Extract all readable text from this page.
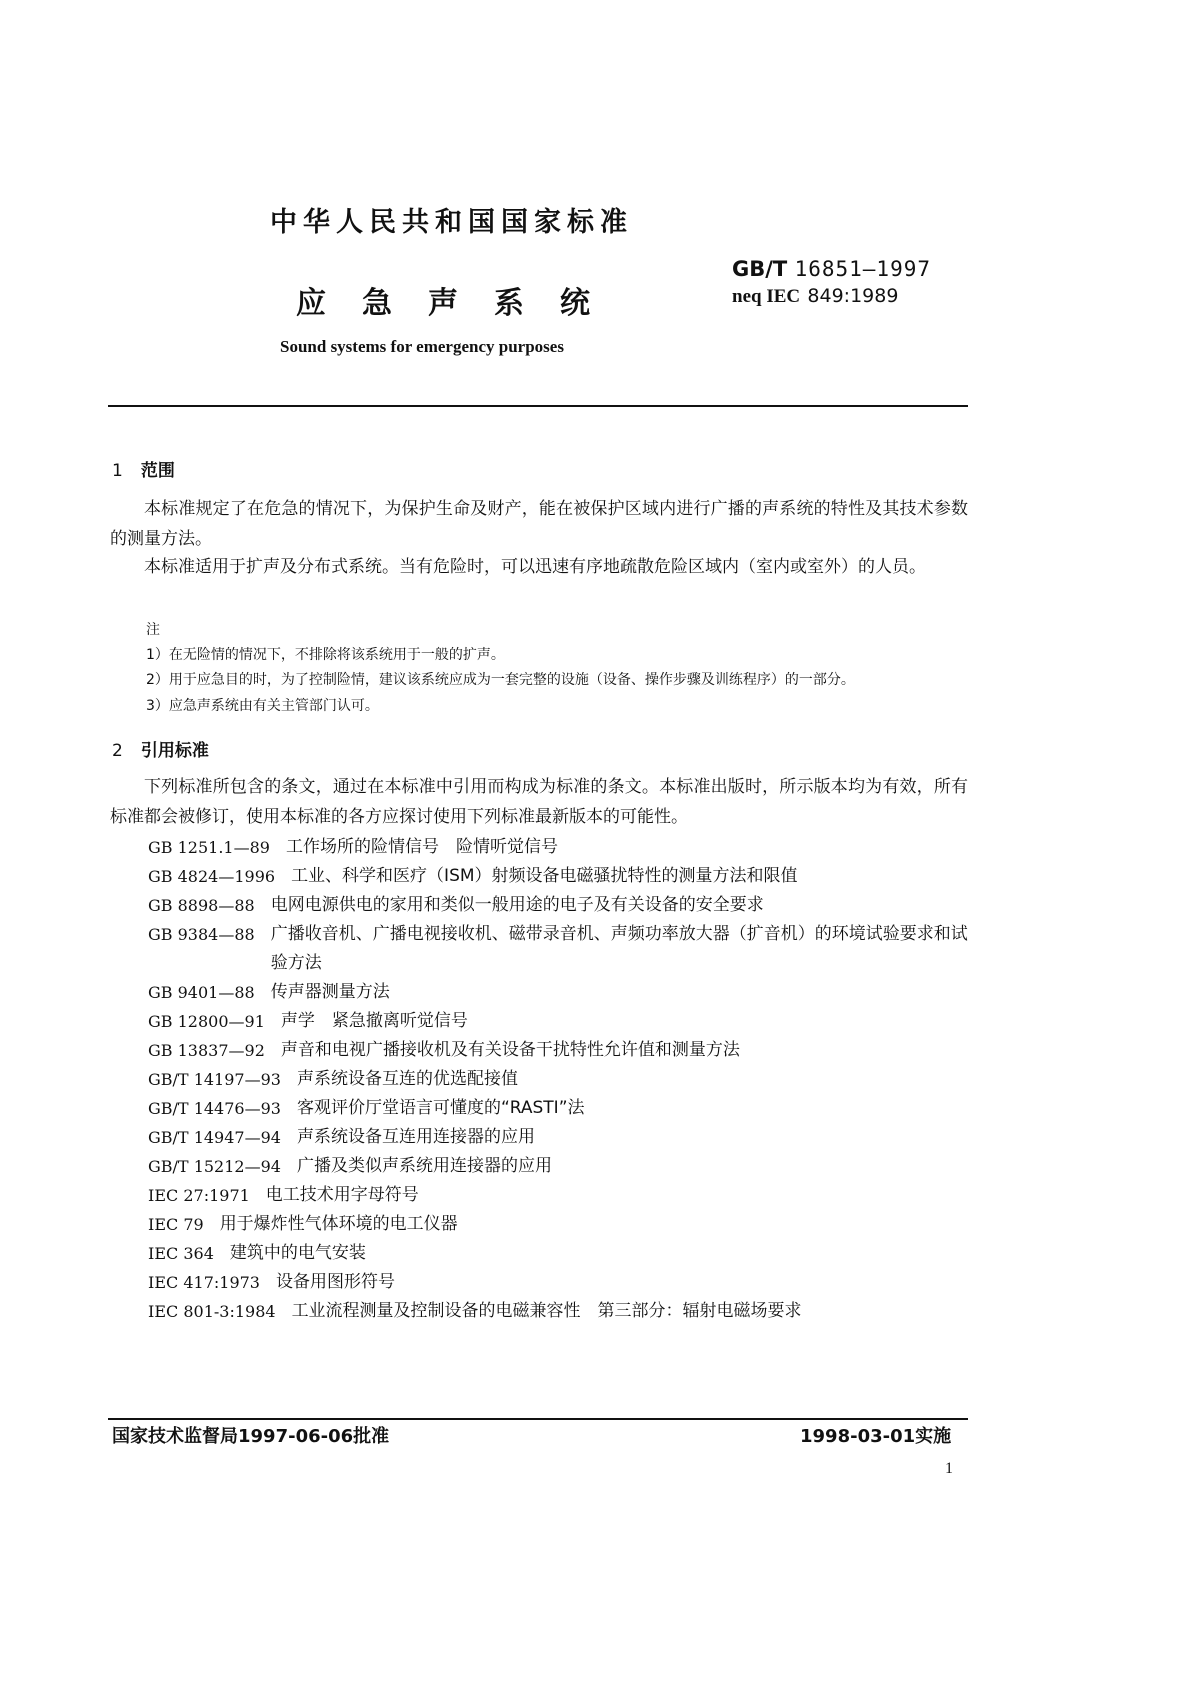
中华人民共和国国家标准
GB/T 16851—1997
neq IEC 849:1989
应急声系统
Sound systems for emergency purposes
1 范围

本标准规定了在危急的情况下，为保护生命及财产，能在被保护区域内进行广播的声系统的特性及其技术参数的测量方法。

本标准适用于扩声及分布式系统。当有危险时，可以迅速有序地疏散危险区域内（室内或室外）的人员。

注
1）在无险情的情况下，不排除将该系统用于一般的扩声。
2）用于应急目的时，为了控制险情，建议该系统应成为一套完整的设施（设备、操作步骤及训练程序）的一部分。
3）应急声系统由有关主管部门认可。
2 引用标准

下列标准所包含的条文，通过在本标准中引用而构成为标准的条文。本标准出版时，所示版本均为有效，所有标准都会被修订，使用本标准的各方应探讨使用下列标准最新版本的可能性。

GB 1251.1—89 工作场所的险情信号　险情听觉信号
GB 4824—1996 工业、科学和医疗（ISM）射频设备电磁骚扰特性的测量方法和限值
GB 8898—88 电网电源供电的家用和类似一般用途的电子及有关设备的安全要求
GB 9384—88 广播收音机、广播电视接收机、磁带录音机、声频功率放大器（扩音机）的环境试验要求和试验方法
GB 9401—88 传声器测量方法
GB 12800—91 声学　紧急撤离听觉信号
GB 13837—92 声音和电视广播接收机及有关设备干扰特性允许值和测量方法
GB/T 14197—93 声系统设备互连的优选配接值
GB/T 14476—93 客观评价厅堂语言可懂度的“RASTI”法
GB/T 14947—94 声系统设备互连用连接器的应用
GB/T 15212—94 广播及类似声系统用连接器的应用
IEC 27:1971 电工技术用字母符号
IEC 79 用于爆炸性气体环境的电工仪器
IEC 364 建筑中的电气安装
IEC 417:1973 设备用图形符号
IEC 801-3:1984 工业流程测量及控制设备的电磁兼容性　第三部分：辐射电磁场要求
国家技术监督局1997-06-06批准	1998-03-01实施
1
